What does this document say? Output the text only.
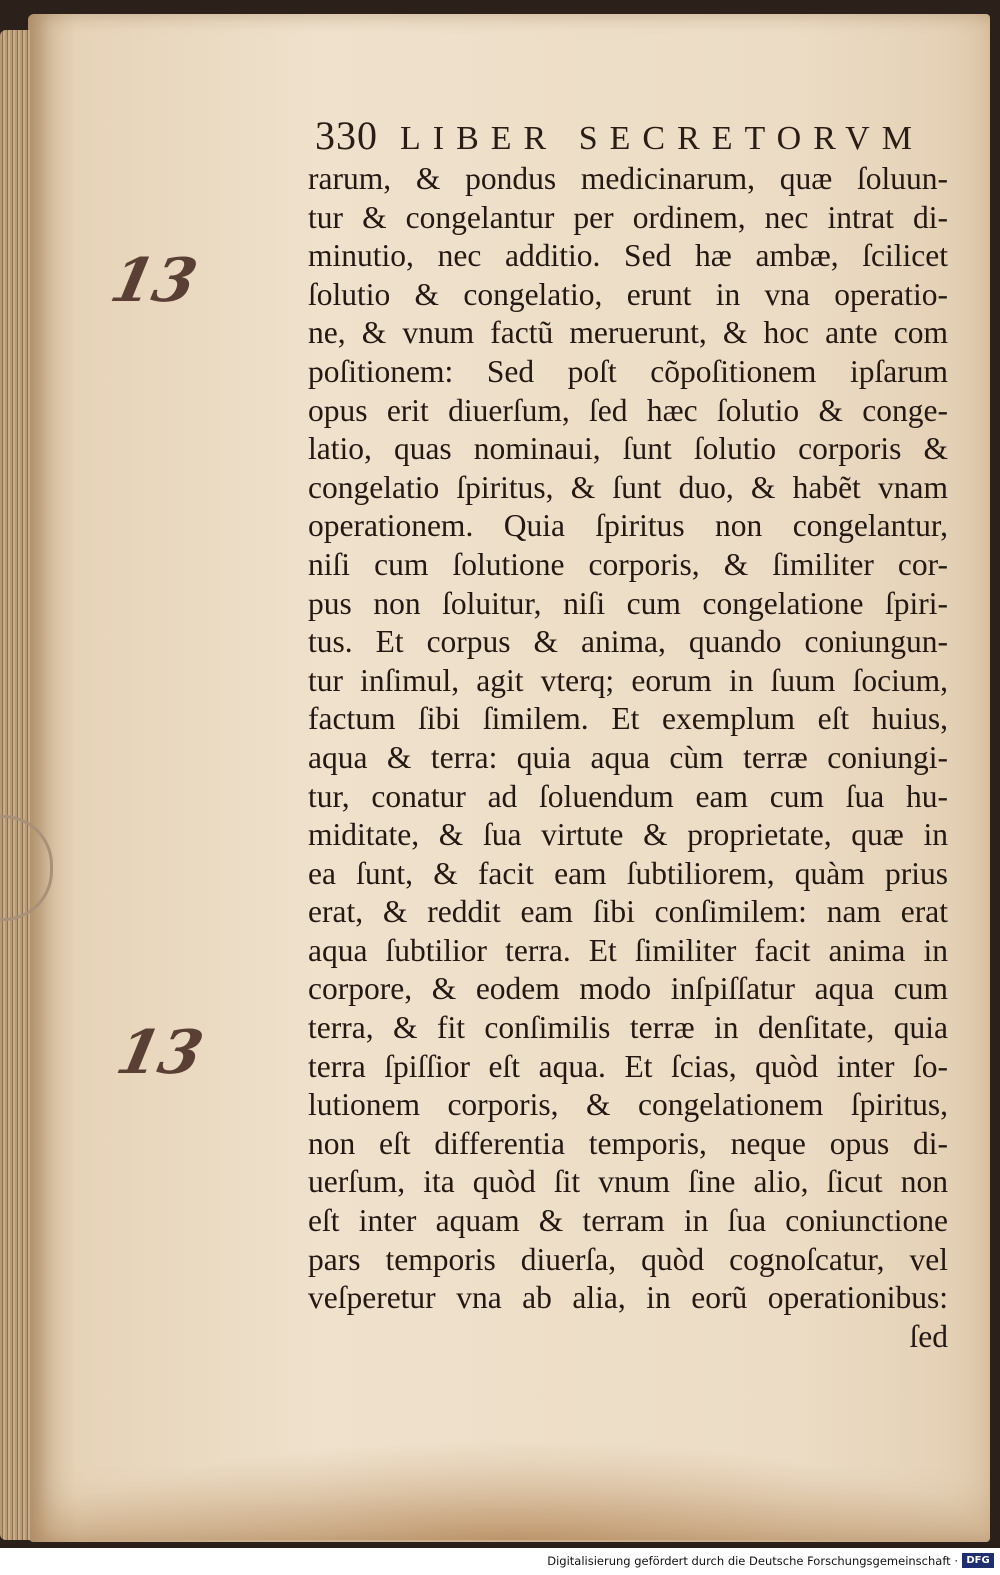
330 LIBER SECRETORVM
13
13
rarum, & pondus medicinarum, quæ ſoluun-
tur & congelantur per ordinem, nec intrat di-
minutio, nec additio. Sed hæ ambæ, ſcilicet
ſolutio & congelatio, erunt in vna operatio-
ne, & vnum factũ meruerunt, & hoc ante com
poſitionem: Sed poſt cõpoſitionem ipſarum
opus erit diuerſum, ſed hæc ſolutio & conge-
latio, quas nominaui, ſunt ſolutio corporis &
congelatio ſpiritus, & ſunt duo, & habẽt vnam
operationem. Quia ſpiritus non congelantur,
niſi cum ſolutione corporis, & ſimiliter cor-
pus non ſoluitur, niſi cum congelatione ſpiri-
tus. Et corpus & anima, quando coniungun-
tur inſimul, agit vterq; eorum in ſuum ſocium,
factum ſibi ſimilem. Et exemplum eſt huius,
aqua & terra: quia aqua cùm terræ coniungi-
tur, conatur ad ſoluendum eam cum ſua hu-
miditate, & ſua virtute & proprietate, quæ in
ea ſunt, & facit eam ſubtiliorem, quàm prius
erat, & reddit eam ſibi conſimilem: nam erat
aqua ſubtilior terra. Et ſimiliter facit anima in
corpore, & eodem modo inſpiſſatur aqua cum
terra, & fit conſimilis terræ in denſitate, quia
terra ſpiſſior eſt aqua. Et ſcias, quòd inter ſo-
lutionem corporis, & congelationem ſpiritus,
non eſt differentia temporis, neque opus di-
uerſum, ita quòd ſit vnum ſine alio, ſicut non
eſt inter aquam & terram in ſua coniunctione
pars temporis diuerſa, quòd cognoſcatur, vel
veſperetur vna ab alia, in eorũ operationibus:
ſed
Digitalisierung gefördert durch die Deutsche Forschungsgemeinschaft · DFG
